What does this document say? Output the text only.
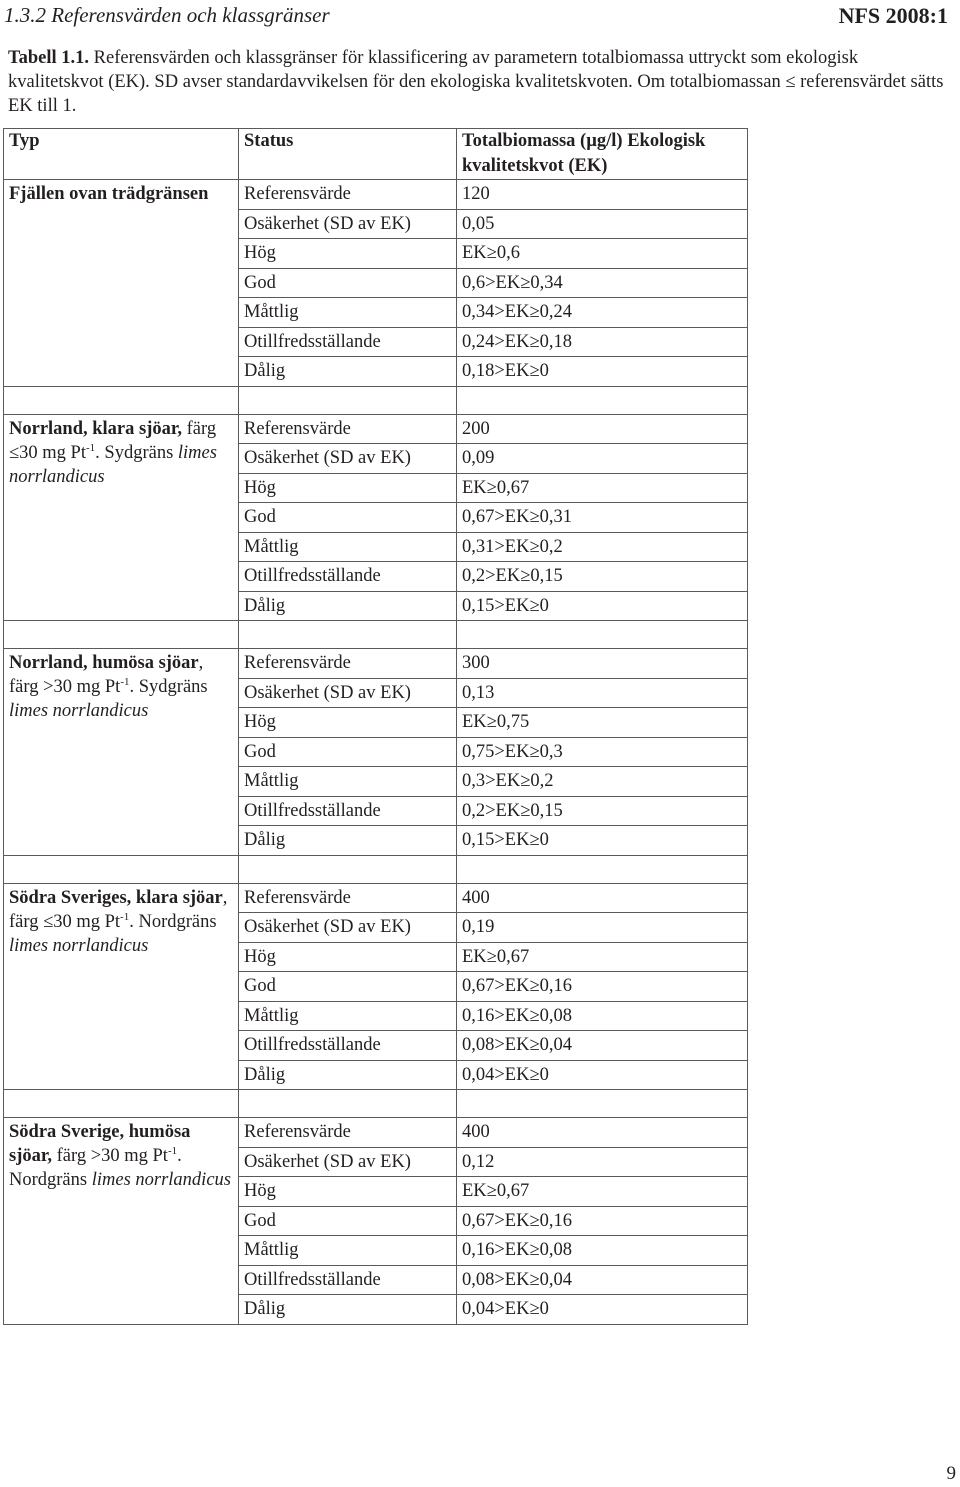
1.3.2 Referensvärden och klassgränser	NFS 2008:1
Tabell 1.1. Referensvärden och klassgränser för klassificering av parametern totalbiomassa uttryckt som ekologisk kvalitetskvot (EK). SD avser standardavvikelsen för den ekologiska kvalitetskvoten. Om totalbiomassan ≤ referensvärdet sätts EK till 1.
Typ	Status	Totalbiomassa (µg/l) Ekologisk kvalitetskvot (EK)
Fjällen ovan trädgränsen	Referensvärde	120
	Osäkerhet (SD av EK)	0,05
	Hög	EK≥0,6
	God	0,6>EK≥0,34
	Måttlig	0,34>EK≥0,24
	Otillfredsställande	0,24>EK≥0,18
	Dålig	0,18>EK≥0

Norrland, klara sjöar, färg ≤30 mg $Pt^{-1}$. Sydgräns limes norrlandicus	Referensvärde	200
	Osäkerhet (SD av EK)	0,09
	Hög	EK≥0,67
	God	0,67>EK≥0,31
	Måttlig	0,31>EK≥0,2
	Otillfredsställande	0,2>EK≥0,15
	Dålig	0,15>EK≥0

Norrland, humösa sjöar, färg >30 mg $Pt^{-1}$. Sydgräns limes norrlandicus	Referensvärde	300
	Osäkerhet (SD av EK)	0,13
	Hög	EK≥0,75
	God	0,75>EK≥0,3
	Måttlig	0,3>EK≥0,2
	Otillfredsställande	0,2>EK≥0,15
	Dålig	0,15>EK≥0

Södra Sveriges, klara sjöar, färg ≤30 mg $Pt^{-1}$. Nordgräns limes norrlandicus	Referensvärde	400
	Osäkerhet (SD av EK)	0,19
	Hög	EK≥0,67
	God	0,67>EK≥0,16
	Måttlig	0,16>EK≥0,08
	Otillfredsställande	0,08>EK≥0,04
	Dålig	0,04>EK≥0

Södra Sverige, humösa sjöar, färg >30 mg $Pt^{-1}$. Nordgräns limes norrlandicus	Referensvärde	400
	Osäkerhet (SD av EK)	0,12
	Hög	EK≥0,67
	God	0,67>EK≥0,16
	Måttlig	0,16>EK≥0,08
	Otillfredsställande	0,08>EK≥0,04
	Dålig	0,04>EK≥0
9
